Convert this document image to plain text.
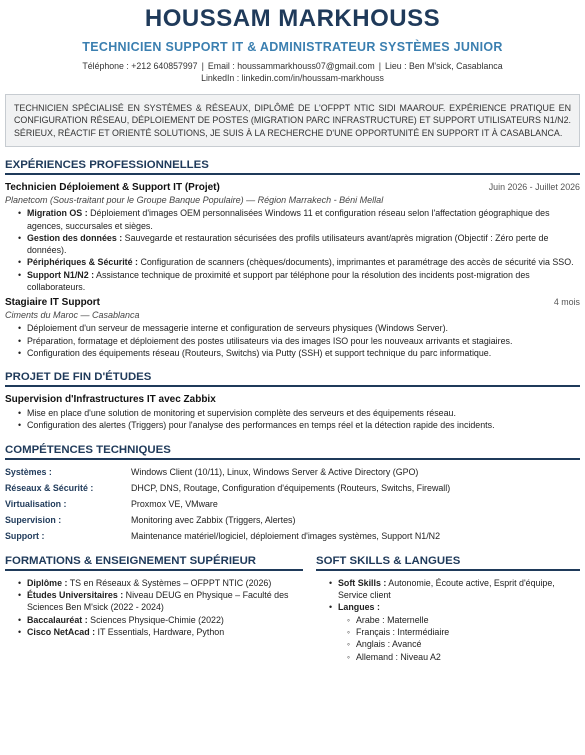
HOUSSAM MARKHOUSS
TECHNICIEN SUPPORT IT & ADMINISTRATEUR SYSTÈMES JUNIOR
Téléphone : +212 640857997 | Email : houssammarkhouss07@gmail.com | Lieu : Ben M'sick, Casablanca
LinkedIn : linkedin.com/in/houssam-markhouss
TECHNICIEN SPÉCIALISÉ EN SYSTÈMES & RÉSEAUX, DIPLÔMÉ DE L'OFPPT NTIC SIDI MAAROUF. EXPÉRIENCE PRATIQUE EN CONFIGURATION RÉSEAU, DÉPLOIEMENT DE POSTES (MIGRATION PARC INFRASTRUCTURE) ET SUPPORT UTILISATEURS N1/N2. SÉRIEUX, RÉACTIF ET ORIENTÉ SOLUTIONS, JE SUIS À LA RECHERCHE D'UNE OPPORTUNITÉ EN SUPPORT IT À CASABLANCA.
EXPÉRIENCES PROFESSIONNELLES
Technicien Déploiement & Support IT (Projet)	Juin 2026 - Juillet 2026
Planetcom (Sous-traitant pour le Groupe Banque Populaire) — Région Marrakech - Béni Mellal
• Migration OS : Déploiement d'images OEM personnalisées Windows 11 et configuration réseau selon l'affectation géographique des agences, succursales et sièges.
• Gestion des données : Sauvegarde et restauration sécurisées des profils utilisateurs avant/après migration (Objectif : Zéro perte de données).
• Périphériques & Sécurité : Configuration de scanners (chèques/documents), imprimantes et paramétrage des accès de sécurité via SSO.
• Support N1/N2 : Assistance technique de proximité et support par téléphone pour la résolution des incidents post-migration des collaborateurs.
Stagiaire IT Support	4 mois
Ciments du Maroc — Casablanca
• Déploiement d'un serveur de messagerie interne et configuration de serveurs physiques (Windows Server).
• Préparation, formatage et déploiement des postes utilisateurs via des images ISO pour les nouveaux arrivants et stagiaires.
• Configuration des équipements réseau (Routeurs, Switchs) via Putty (SSH) et support technique du parc informatique.
PROJET DE FIN D'ÉTUDES
Supervision d'Infrastructures IT avec Zabbix
• Mise en place d'une solution de monitoring et supervision complète des serveurs et des équipements réseau.
• Configuration des alertes (Triggers) pour l'analyse des performances en temps réel et la détection rapide des incidents.
COMPÉTENCES TECHNIQUES
Systèmes :	Windows Client (10/11), Linux, Windows Server & Active Directory (GPO)
Réseaux & Sécurité :	DHCP, DNS, Routage, Configuration d'équipements (Routeurs, Switchs, Firewall)
Virtualisation :	Proxmox VE, VMware
Supervision :	Monitoring avec Zabbix (Triggers, Alertes)
Support :	Maintenance matériel/logiciel, déploiement d'images systèmes, Support N1/N2
FORMATIONS & ENSEIGNEMENT SUPÉRIEUR
• Diplôme : TS en Réseaux & Systèmes – OFPPT NTIC (2026)
• Études Universitaires : Niveau DEUG en Physique – Faculté des Sciences Ben M'sick (2022 - 2024)
• Baccalauréat : Sciences Physique-Chimie (2022)
• Cisco NetAcad : IT Essentials, Hardware, Python
SOFT SKILLS & LANGUES
• Soft Skills : Autonomie, Écoute active, Esprit d'équipe, Service client
• Langues :
◦ Arabe : Maternelle
◦ Français : Intermédiaire
◦ Anglais : Avancé
◦ Allemand : Niveau A2
